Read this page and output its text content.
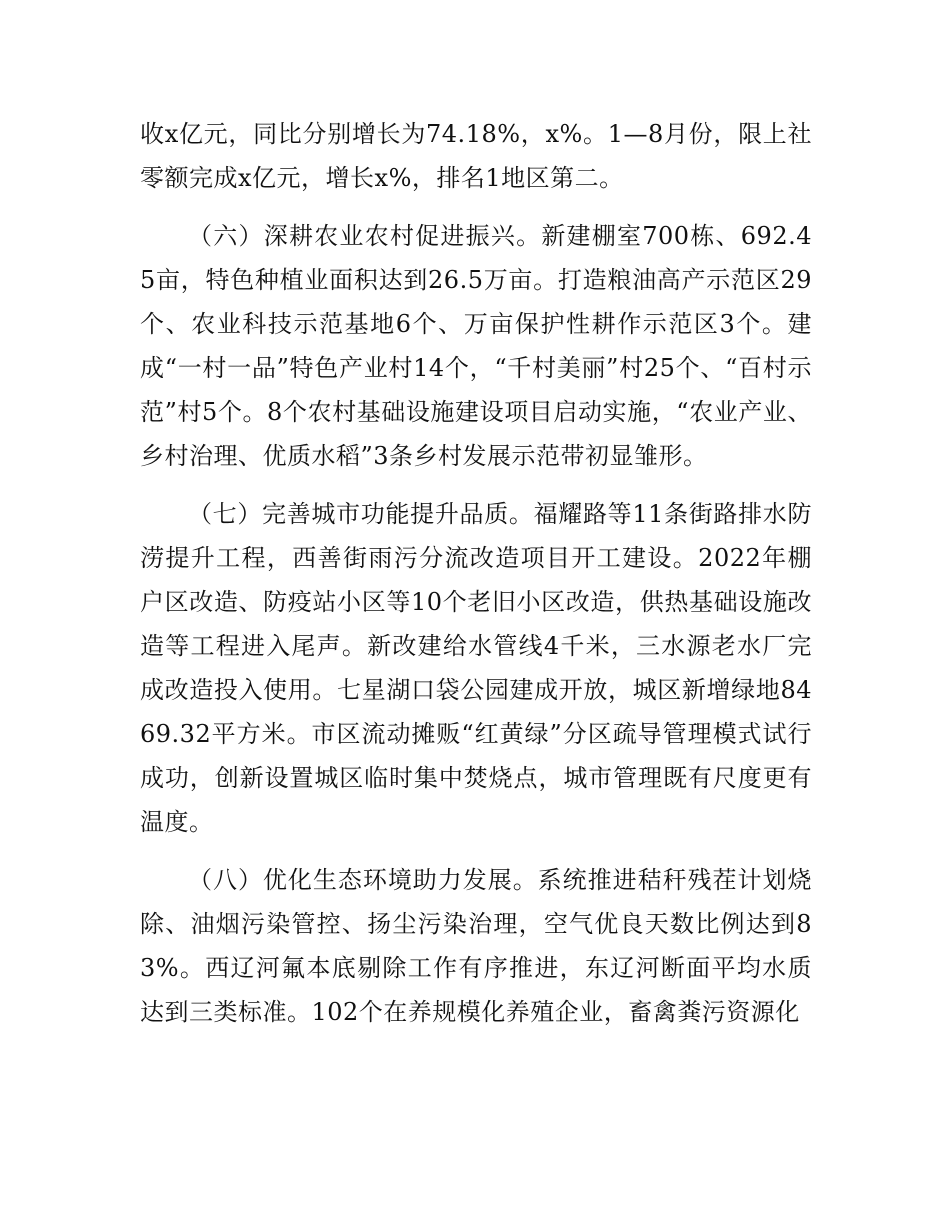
收x亿元，同比分别增长为74.18%，x%。1—8月份，限上社零额完成x亿元，增长x%，排名1地区第二。

（六）深耕农业农村促进振兴。新建棚室700栋、692.45亩，特色种植业面积达到26.5万亩。打造粮油高产示范区29个、农业科技示范基地6个、万亩保护性耕作示范区3个。建成“一村一品”特色产业村14个，“千村美丽”村25个、“百村示范”村5个。8个农村基础设施建设项目启动实施，“农业产业、乡村治理、优质水稻”3条乡村发展示范带初显雏形。

（七）完善城市功能提升品质。福耀路等11条街路排水防涝提升工程，西善街雨污分流改造项目开工建设。2022年棚户区改造、防疫站小区等10个老旧小区改造，供热基础设施改造等工程进入尾声。新改建给水管线4千米，三水源老水厂完成改造投入使用。七星湖口袋公园建成开放，城区新增绿地8469.32平方米。市区流动摊贩“红黄绿”分区疏导管理模式试行成功，创新设置城区临时集中焚烧点，城市管理既有尺度更有温度。

（八）优化生态环境助力发展。系统推进秸秆残茬计划烧除、油烟污染管控、扬尘污染治理，空气优良天数比例达到83%。西辽河氟本底剔除工作有序推进，东辽河断面平均水质达到三类标准。102个在养规模化养殖企业，畜禽粪污资源化
